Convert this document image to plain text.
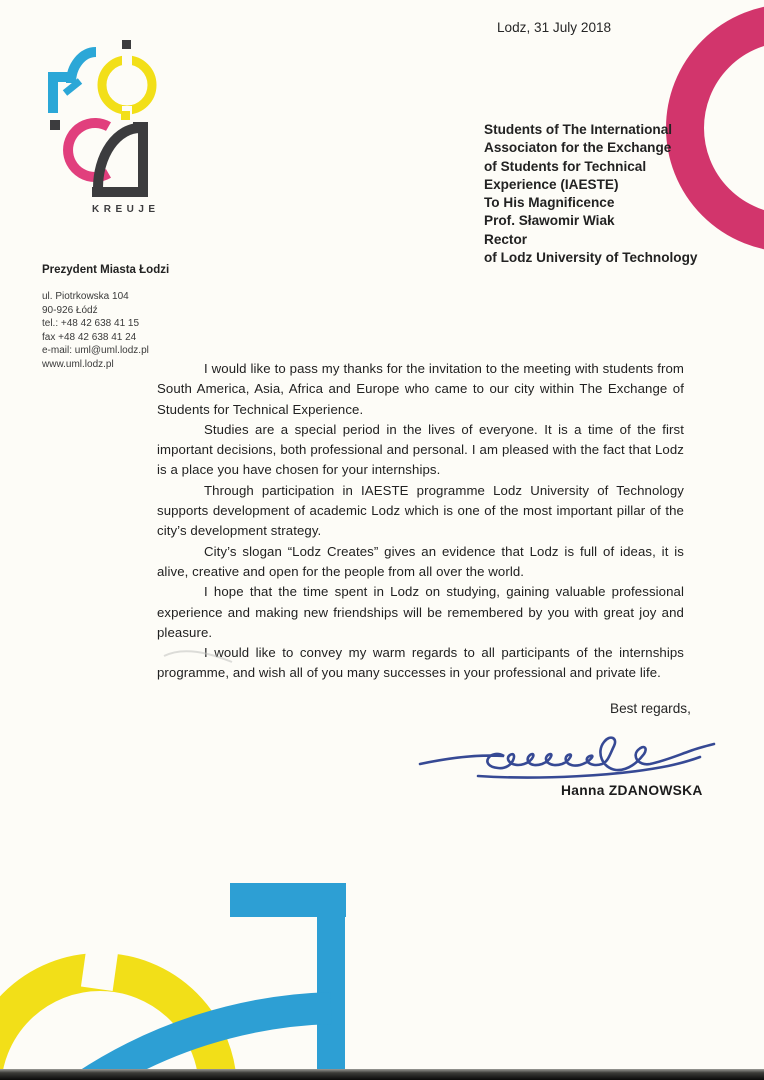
KREUJE
Lodz, 31 July 2018
Prezydent Miasta Łodzi
ul. Piotrkowska 104
90-926 Łódź
tel.: +48 42 638 41 15
fax +48 42 638 41 24
e-mail: uml@uml.lodz.pl
www.uml.lodz.pl
Students of The International
Associaton for the Exchange
of Students for Technical
Experience (IAESTE)
To His Magnificence
Prof. Sławomir Wiak
Rector
of Lodz University of Technology

I would like to pass my thanks for the invitation to the meeting with students from South America, Asia, Africa and Europe who came to our city within The Exchange of Students for Technical Experience.

Studies are a special period in the lives of everyone. It is a time of the first important decisions, both professional and personal. I am pleased with the fact that Lodz is a place you have chosen for your internships.

Through participation in IAESTE programme Lodz University of Technology supports development of academic Lodz which is one of the most important pillar of the city’s development strategy.

City’s slogan “Lodz Creates” gives an evidence that Lodz is full of ideas, it is alive, creative and open for the people from all over the world.

I hope that the time spent in Lodz on studying, gaining valuable professional experience and making new friendships will be remembered by you with great joy and pleasure.

I would like to convey my warm regards to all participants of the internships programme, and wish all of you many successes in your professional and private life.

Best regards,
Hanna ZDANOWSKA
